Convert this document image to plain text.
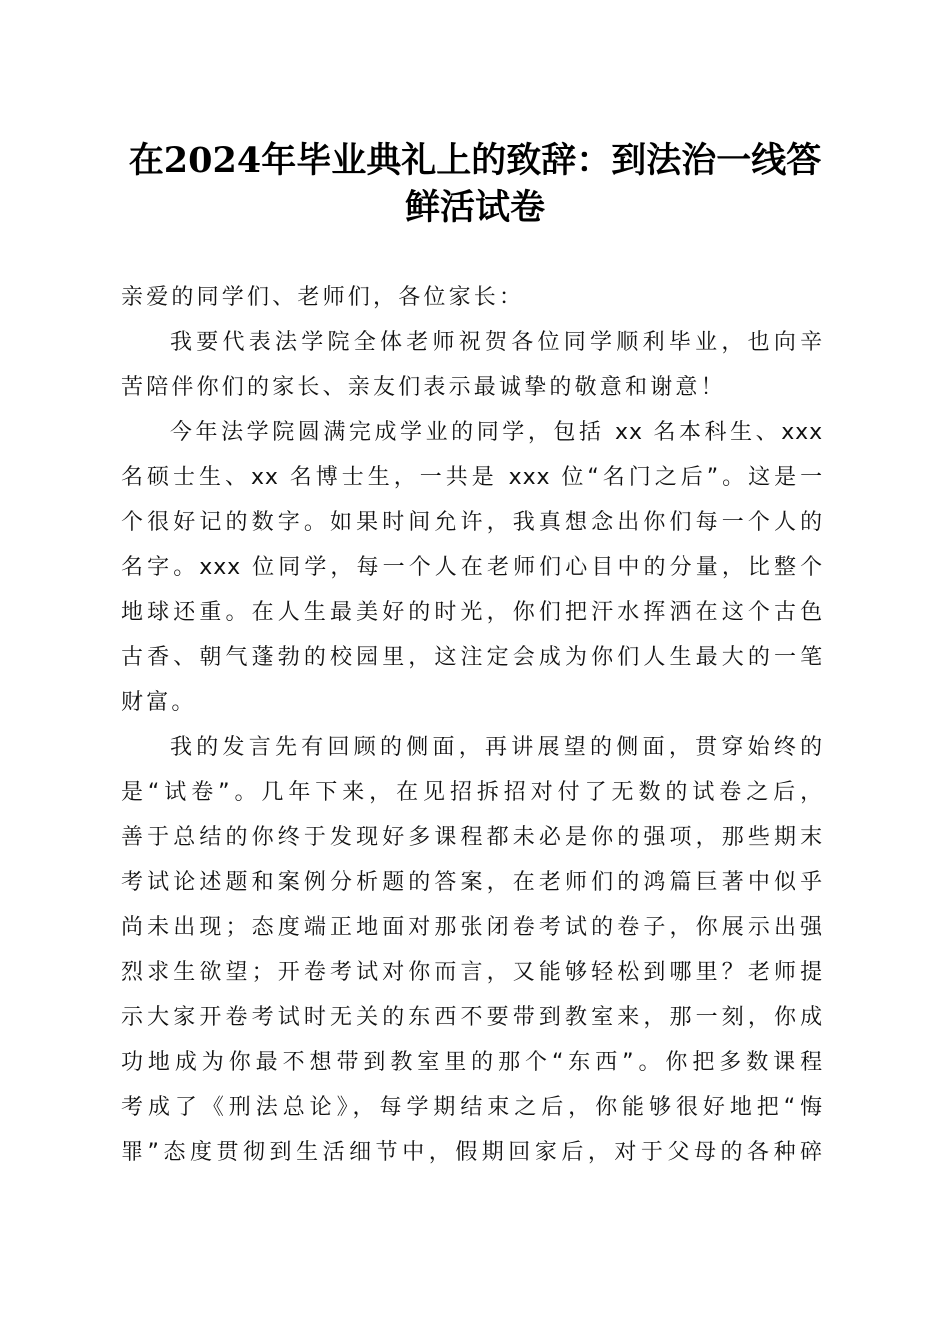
在2024年毕业典礼上的致辞：到法治一线答
鲜活试卷
亲爱的同学们、老师们，各位家长：
我要代表法学院全体老师祝贺各位同学顺利毕业，也向辛
苦陪伴你们的家长、亲友们表示最诚挚的敬意和谢意！
今年法学院圆满完成学业的同学，包括 xx 名本科生、xxx
名硕士生、xx 名博士生，一共是 xxx 位“名门之后”。这是一
个很好记的数字。如果时间允许，我真想念出你们每一个人的
名字。xxx 位同学，每一个人在老师们心目中的分量，比整个
地球还重。在人生最美好的时光，你们把汗水挥洒在这个古色
古香、朝气蓬勃的校园里，这注定会成为你们人生最大的一笔
财富。
我的发言先有回顾的侧面，再讲展望的侧面，贯穿始终的
是“试卷”。几年下来，在见招拆招对付了无数的试卷之后，
善于总结的你终于发现好多课程都未必是你的强项，那些期末
考试论述题和案例分析题的答案，在老师们的鸿篇巨著中似乎
尚未出现；态度端正地面对那张闭卷考试的卷子，你展示出强
烈求生欲望；开卷考试对你而言，又能够轻松到哪里？老师提
示大家开卷考试时无关的东西不要带到教室来，那一刻，你成
功地成为你最不想带到教室里的那个“东西”。你把多数课程
考成了《刑法总论》，每学期结束之后，你能够很好地把“悔
罪”态度贯彻到生活细节中，假期回家后，对于父母的各种碎
